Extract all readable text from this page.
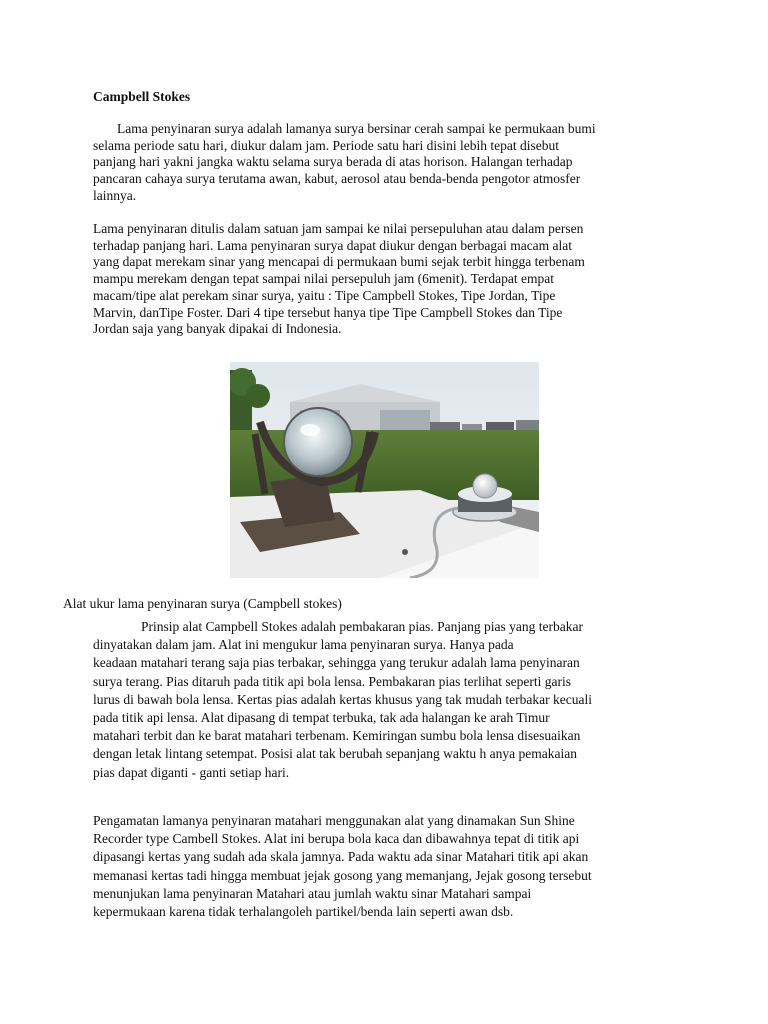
Campbell Stokes

Lama penyinaran surya adalah lamanya surya bersinar cerah sampai ke permukaan bumi
selama periode satu hari, diukur dalam jam. Periode satu hari disini lebih tepat disebut
panjang hari yakni jangka waktu selama surya berada di atas horison. Halangan terhadap
pancaran cahaya surya terutama awan, kabut, aerosol atau benda-benda pengotor atmosfer
lainnya.

Lama penyinaran ditulis dalam satuan jam sampai ke nilai persepuluhan atau dalam persen
terhadap panjang hari. Lama penyinaran surya dapat diukur dengan berbagai macam alat
yang dapat merekam sinar yang mencapai di permukaan bumi sejak terbit hingga terbenam
mampu merekam dengan tepat sampai nilai persepuluh jam (6menit). Terdapat empat
macam/tipe alat perekam sinar surya, yaitu : Tipe Campbell Stokes, Tipe Jordan, Tipe
Marvin, danTipe Foster. Dari 4 tipe tersebut hanya tipe Tipe Campbell Stokes dan Tipe
Jordan saja yang banyak dipakai di Indonesia.

Alat ukur lama penyinaran surya (Campbell stokes)

Prinsip alat Campbell Stokes adalah pembakaran pias. Panjang pias yang terbakar
dinyatakan dalam jam. Alat ini mengukur lama penyinaran surya. Hanya pada
keadaan matahari terang saja pias terbakar, sehingga yang terukur adalah lama penyinaran
surya terang. Pias ditaruh pada titik api bola lensa. Pembakaran pias terlihat seperti garis
lurus di bawah bola lensa. Kertas pias adalah kertas khusus yang tak mudah terbakar kecuali
pada titik api lensa. Alat dipasang di tempat terbuka, tak ada halangan ke arah Timur
matahari terbit dan ke barat matahari terbenam. Kemiringan sumbu bola lensa disesuaikan
dengan letak lintang setempat. Posisi alat tak berubah sepanjang waktu h anya pemakaian
pias dapat diganti - ganti setiap hari.

Pengamatan lamanya penyinaran matahari menggunakan alat yang dinamakan Sun Shine
Recorder type Cambell Stokes. Alat ini berupa bola kaca dan dibawahnya tepat di titik api
dipasangi kertas yang sudah ada skala jamnya. Pada waktu ada sinar Matahari titik api akan
memanasi kertas tadi hingga membuat jejak gosong yang memanjang, Jejak gosong tersebut
menunjukan lama penyinaran Matahari atau jumlah waktu sinar Matahari sampai
kepermukaan karena tidak terhalangoleh partikel/benda lain seperti awan dsb.
